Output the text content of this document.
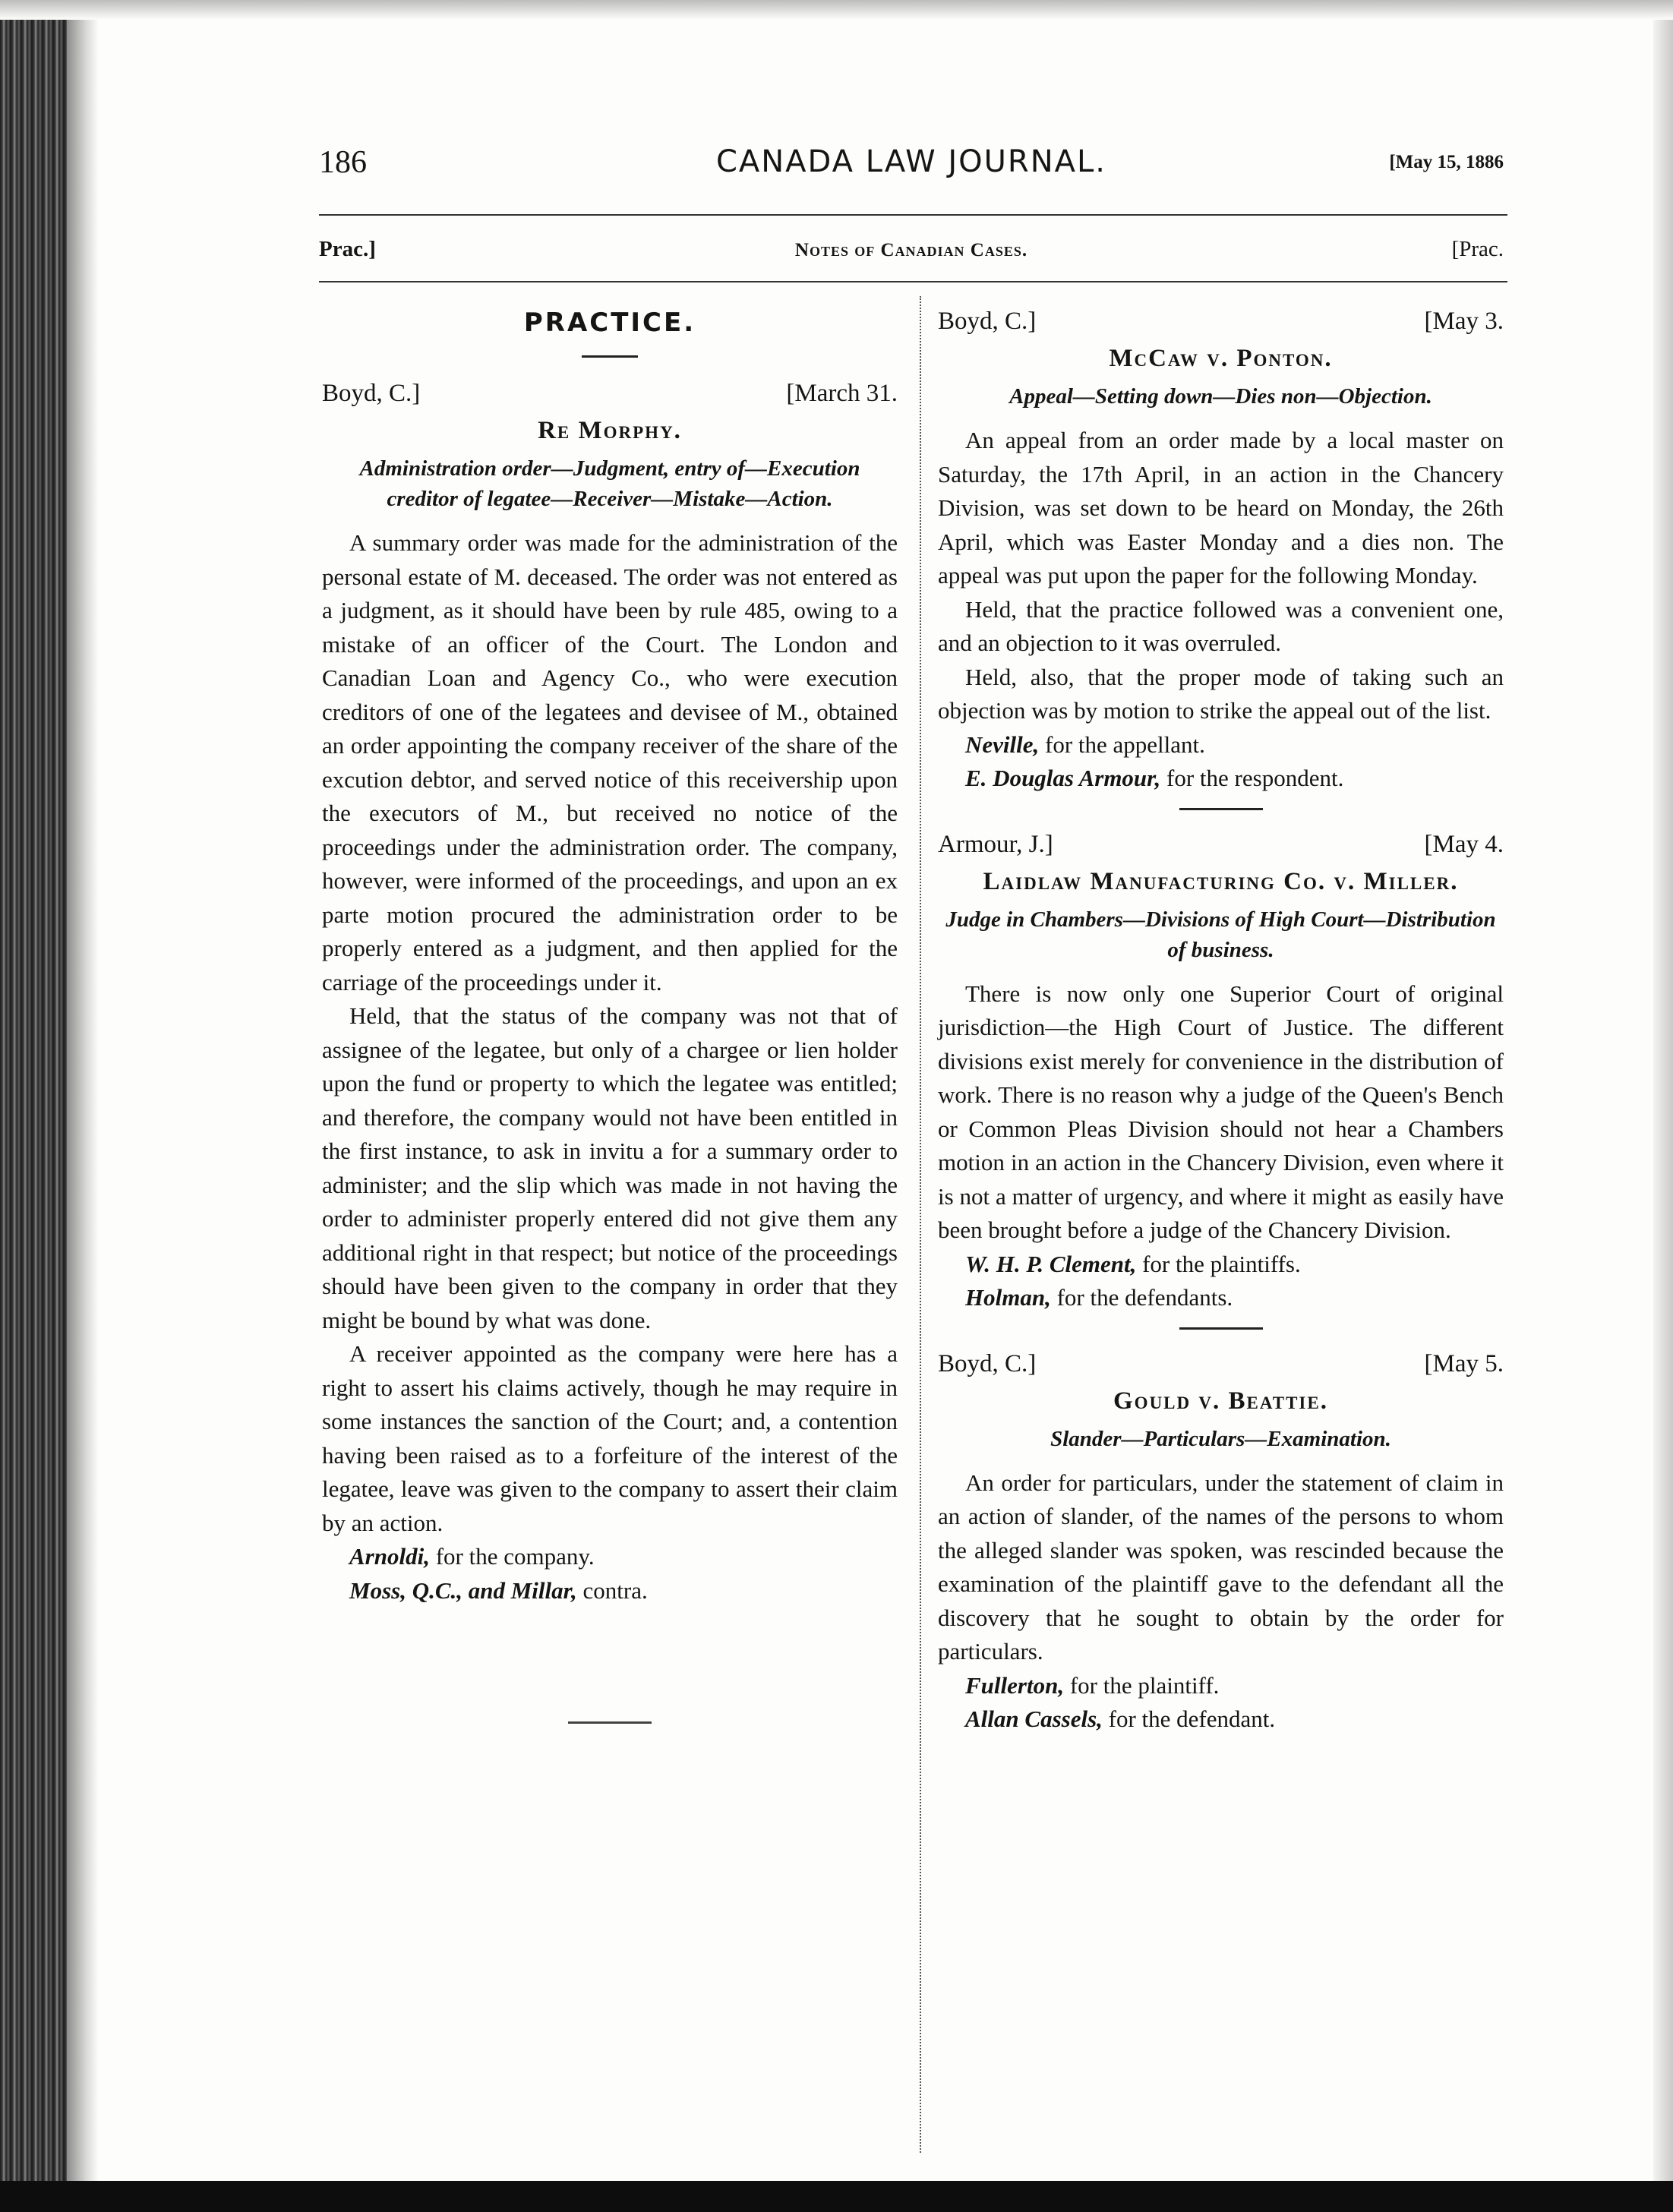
186	CANADA LAW JOURNAL.	[May 15, 1886
Prac.]	Notes of Canadian Cases.	[Prac.
PRACTICE.
Boyd, C.]	[March 31.
Re Morphy.
Administration order—Judgment, entry of—Execution creditor of legatee—Receiver—Mistake—Action.

A summary order was made for the administration of the personal estate of M. deceased. The order was not entered as a judgment, as it should have been by rule 485, owing to a mistake of an officer of the Court. The London and Canadian Loan and Agency Co., who were execution creditors of one of the legatees and devisee of M., obtained an order appointing the company receiver of the share of the excution debtor, and served notice of this receivership upon the executors of M., but received no notice of the proceedings under the administration order. The company, however, were informed of the proceedings, and upon an ex parte motion procured the administration order to be properly entered as a judgment, and then applied for the carriage of the proceedings under it.

Held, that the status of the company was not that of assignee of the legatee, but only of a chargee or lien holder upon the fund or property to which the legatee was entitled; and therefore, the company would not have been entitled in the first instance, to ask in invitu a for a summary order to administer; and the slip which was made in not having the order to administer properly entered did not give them any additional right in that respect; but notice of the proceedings should have been given to the company in order that they might be bound by what was done.

A receiver appointed as the company were here has a right to assert his claims actively, though he may require in some instances the sanction of the Court; and, a contention having been raised as to a forfeiture of the interest of the legatee, leave was given to the company to assert their claim by an action.

Arnoldi, for the company.

Moss, Q.C., and Millar, contra.

Boyd, C.]	[May 3.
McCaw v. Ponton.
Appeal—Setting down—Dies non—Objection.

An appeal from an order made by a local master on Saturday, the 17th April, in an action in the Chancery Division, was set down to be heard on Monday, the 26th April, which was Easter Monday and a dies non. The appeal was put upon the paper for the following Monday.

Held, that the practice followed was a convenient one, and an objection to it was overruled.

Held, also, that the proper mode of taking such an objection was by motion to strike the appeal out of the list.

Neville, for the appellant.

E. Douglas Armour, for the respondent.

Armour, J.]	[May 4.
Laidlaw Manufacturing Co. v. Miller.
Judge in Chambers—Divisions of High Court—Distribution of business.

There is now only one Superior Court of original jurisdiction—the High Court of Justice. The different divisions exist merely for convenience in the distribution of work. There is no reason why a judge of the Queen's Bench or Common Pleas Division should not hear a Chambers motion in an action in the Chancery Division, even where it is not a matter of urgency, and where it might as easily have been brought before a judge of the Chancery Division.

W. H. P. Clement, for the plaintiffs.

Holman, for the defendants.

Boyd, C.]	[May 5.
Gould v. Beattie.
Slander—Particulars—Examination.

An order for particulars, under the statement of claim in an action of slander, of the names of the persons to whom the alleged slander was spoken, was rescinded because the examination of the plaintiff gave to the defendant all the discovery that he sought to obtain by the order for particulars.

Fullerton, for the plaintiff.

Allan Cassels, for the defendant.
